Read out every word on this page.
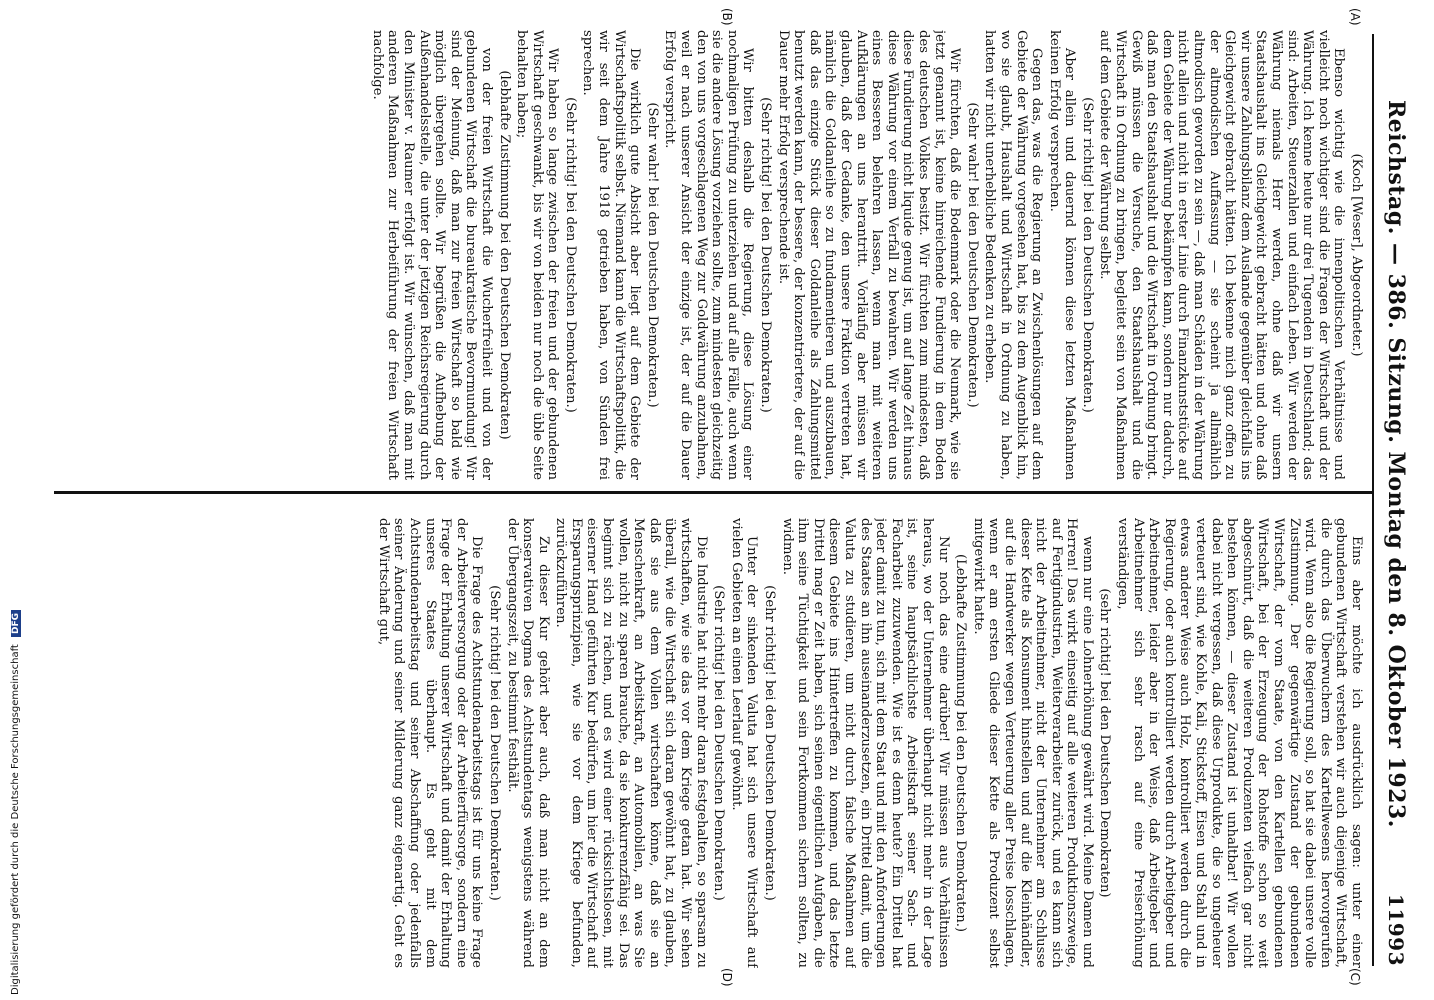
Reichstag. — 386. Sitzung. Montag den 8. Oktober 1923.
11993
(A)
(B)
(C)
(D)

(Koch [Weser], Abgeordneter.)

Ebenso wichtig wie die innenpolitischen Verhältnisse und vielleicht noch wichtiger sind die Fragen der Wirtschaft und der Währung. Ich kenne heute nur drei Tugenden in Deutschland; das sind: Arbeiten, Steuerzahlen und einfach Leben. Wir werden der Währung niemals Herr werden, ohne daß wir unsern Staatshaushalt ins Gleichgewicht gebracht hätten und ohne daß wir unsere Zahlungsbilanz dem Auslande gegenüber gleichfalls ins Gleichgewicht gebracht hätten. Ich bekenne mich ganz offen zu der altmodischen Auffassung — sie scheint ja allmählich altmodisch geworden zu sein —, daß man Schäden in der Währung nicht allein und nicht in erster Linie durch Finanzkunststücke auf dem Gebiete der Währung bekämpfen kann, sondern nur dadurch, daß man den Staatshaushalt und die Wirtschaft in Ordnung bringt. Gewiß müssen die Versuche, den Staatshaushalt und die Wirtschaft in Ordnung zu bringen, begleitet sein von Maßnahmen auf dem Gebiete der Währung selbst.

(Sehr richtig! bei den Deutschen Demokraten.)

Aber allein und dauernd können diese letzten Maßnahmen keinen Erfolg versprechen.

Gegen das, was die Regierung an Zwischenlösungen auf dem Gebiete der Währung vorgesehen hat, bis zu dem Augenblick hin, wo sie glaubt, Haushalt und Wirtschaft in Ordnung zu haben, hatten wir nicht unerhebliche Bedenken zu erheben.

(Sehr wahr! bei den Deutschen Demokraten.)

Wir fürchten, daß die Bodenmark oder die Neumark, wie sie jetzt genannt ist, keine hinreichende Fundierung in dem Boden des deutschen Volkes besitzt. Wir fürchten zum mindesten, daß diese Fundierung nicht liquide genug ist, um auf lange Zeit hinaus diese Währung vor einem Verfall zu bewahren. Wir werden uns eines Besseren belehren lassen, wenn man mit weiteren Aufklärungen an uns herantritt. Vorläufig aber müssen wir glauben, daß der Gedanke, den unsere Fraktion vertreten hat, nämlich die Goldanleihe so zu fundamentieren und auszubauen, daß das einzige Stück dieser Goldanleihe als Zahlungsmittel benutzt werden kann, der bessere, der konzentriertere, der auf die Dauer mehr Erfolg versprechende ist.

(Sehr richtig! bei den Deutschen Demokraten.)

Wir bitten deshalb die Regierung, diese Lösung einer nochmaligen Prüfung zu unterziehen und auf alle Fälle, auch wenn sie die andere Lösung vorziehen sollte, zum mindesten gleichzeitig den von uns vorgeschlagenen Weg zur Goldwährung anzubahnen, weil er nach unserer Ansicht der einzige ist, der auf die Dauer Erfolg verspricht.

(Sehr wahr! bei den Deutschen Demokraten.)

Die wirklich gute Absicht aber liegt auf dem Gebiete der Wirtschaftspolitik selbst. Niemand kann die Wirtschaftspolitik, die wir seit dem Jahre 1918 getrieben haben, von Sünden frei sprechen.

(Sehr richtig! bei den Deutschen Demokraten.)

Wir haben so lange zwischen der freien und der gebundenen Wirtschaft geschwankt, bis wir von beiden nur noch die üble Seite behalten haben;

(lebhafte Zustimmung bei den Deutschen Demokraten)

von der freien Wirtschaft die Wucherfreiheit und von der gebundenen Wirtschaft die bureaukratische Bevormundung! Wir sind der Meinung, daß man zur freien Wirtschaft so bald wie möglich übergehen sollte. Wir begrüßen die Aufhebung der Außenhandelsstelle, die unter der jetzigen Reichsregierung durch den Minister v. Raumer erfolgt ist. Wir wünschen, daß man mit anderen Maßnahmen zur Herbeiführung der freien Wirtschaft nachfolge.

Eins aber möchte ich ausdrücklich sagen: unter einer gebundenen Wirtschaft verstehen wir auch diejenige Wirtschaft, die durch das Überwuchern des Kartellwesens hervorgerufen wird. Wenn also die Regierung soll, so hat sie dabei unsere volle Zustimmung. Der gegenwärtige Zustand der gebundenen Wirtschaft, der vom Staate, von den Kartellen gebundenen Wirtschaft, bei der Erzeugung der Rohstoffe schon so weit abgeschnürt, daß die weiteren Produzenten vielfach gar nicht bestehen können, — dieser Zustand ist unhaltbar! Wir wollen dabei nicht vergessen, daß diese Urprodukte, die so ungeheuer verteuert sind, wie Kohle, Kali, Stickstoff, Eisen und Stahl und in etwas anderer Weise auch Holz, kontrolliert werden durch die Regierung, oder auch kontrolliert werden durch Arbeitgeber und Arbeitnehmer, leider aber in der Weise, daß Arbeitgeber und Arbeitnehmer sich sehr rasch auf eine Preiserhöhung verständigen,

(sehr richtig! bei den Deutschen Demokraten)

wenn nur eine Lohnerhöhung gewährt wird. Meine Damen und Herren! Das wirkt einseitig auf alle weiteren Produktionszweige, auf Fertigindustrien, Weiterverarbeiter zurück, und es kann sich nicht der Arbeitnehmer, nicht der Unternehmer am Schlusse dieser Kette als Konsument hinstellen und auf die Kleinhändler, auf die Handwerker wegen Verteuerung aller Preise losschlagen, wenn er am ersten Gliede dieser Kette als Produzent selbst mitgewirkt hatte.

(Lebhafte Zustimmung bei den Deutschen Demokraten.)

Nur noch das eine darüber! Wir müssen aus Verhältnissen heraus, wo der Unternehmer überhaupt nicht mehr in der Lage ist, seine hauptsächlichste Arbeitskraft seiner Sach- und Facharbeit zuzuwenden. Wie ist es denn heute? Ein Drittel hat jeder damit zu tun, sich mit dem Staat und mit den Anforderungen des Staates an ihn auseinanderzusetzen, ein Drittel damit, um die Valuta zu studieren, um nicht durch falsche Maßnahmen auf diesem Gebiete ins Hintertreffen zu kommen, und das letzte Drittel mag er Zeit haben, sich seinen eigentlichen Aufgaben, die ihm seine Tüchtigkeit und sein Fortkommen sichern sollten, zu widmen.

(Sehr richtig! bei den Deutschen Demokraten.)

Unter der sinkenden Valuta hat sich unsere Wirtschaft auf vielen Gebieten an einen Leerlauf gewöhnt.

(Sehr richtig! bei den Deutschen Demokraten.)

Die Industrie hat nicht mehr daran festgehalten, so sparsam zu wirtschaften, wie sie das vor dem Kriege getan hat. Wir sehen überall, wie die Wirtschaft sich daran gewöhnt hat, zu glauben, daß sie aus dem Vollen wirtschaften könne, daß sie an Menschenkraft, an Arbeitskraft, an Automobilen, an was Sie wollen, nicht zu sparen brauche, da sie konkurrenzfähig sei. Das beginnt sich zu rächen, und es wird einer rücksichtslosen, mit eiserner Hand geführten Kur bedürfen, um hier die Wirtschaft auf Ersparungsprinzipien, wie sie vor dem Kriege befunden, zurückzuführen.

Zu dieser Kur gehört aber auch, daß man nicht an dem konservativen Dogma des Achtstundentags wenigstens während der Übergangszeit, zu bestimmt festhält.

(Sehr richtig! bei den Deutschen Demokraten.)

Die Frage des Achtstundenarbeitstags ist für uns keine Frage der Arbeiterversorgung oder der Arbeiterfürsorge, sondern eine Frage der Erhaltung unserer Wirtschaft und damit der Erhaltung unseres Staates überhaupt. Es geht mit dem Achtstundenarbeitstag und seiner Abschaffung oder jedenfalls seiner Änderung und seiner Milderung ganz eigenartig. Geht es der Wirtschaft gut,

Digitalisierung gefördert durch die Deutsche Forschungsgemeinschaft DFG
